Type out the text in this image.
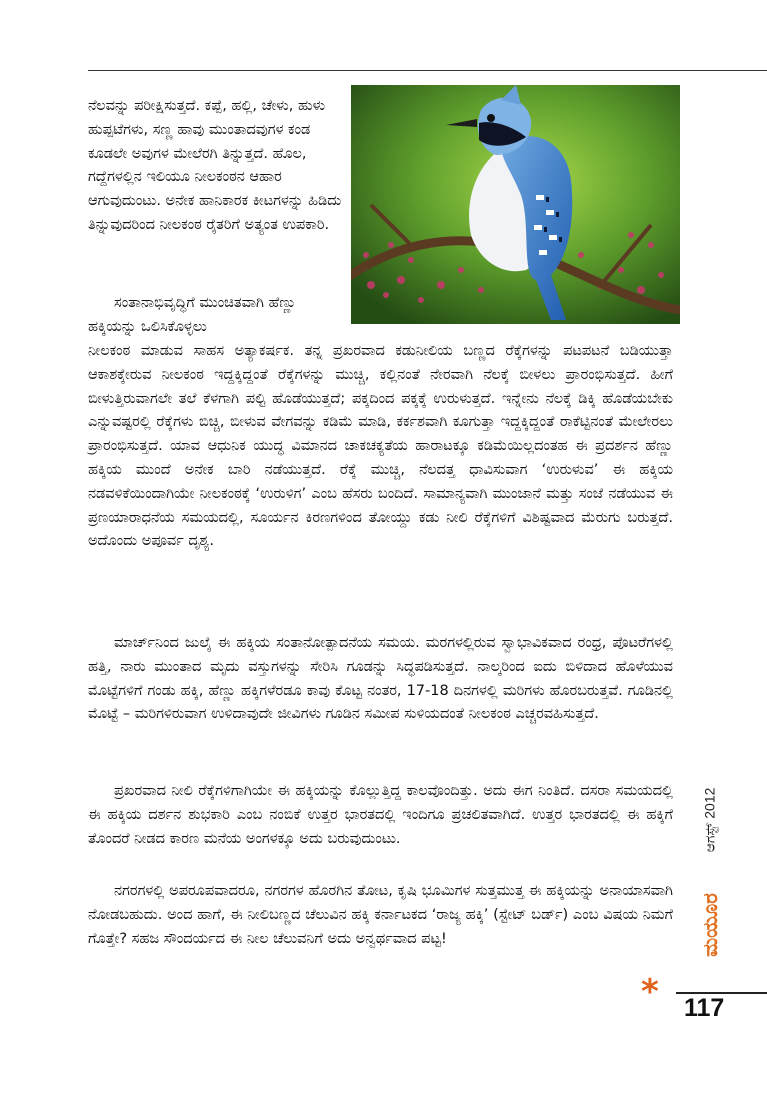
ನೆಲವನ್ನು ಪರೀಕ್ಷಿಸುತ್ತದೆ. ಕಪ್ಪೆ, ಹಲ್ಲಿ, ಚೇಳು, ಹುಳು ಹುಪ್ಪಟೆಗಳು, ಸಣ್ಣ ಹಾವು ಮುಂತಾದವುಗಳ ಕಂಡ ಕೂಡಲೇ ಅವುಗಳ ಮೇಲೆರಗಿ ತಿನ್ನುತ್ತದೆ. ಹೊಲ, ಗದ್ದೆಗಳಲ್ಲಿನ ಇಲಿಯೂ ನೀಲಕಂಠನ ಆಹಾರ ಆಗುವುದುಂಟು. ಅನೇಕ ಹಾನಿಕಾರಕ ಕೀಟಗಳನ್ನು ಹಿಡಿದು ತಿನ್ನುವುದರಿಂದ ನೀಲಕಂಠ ರೈತರಿಗೆ ಅತ್ಯಂತ ಉಪಕಾರಿ.
ಸಂತಾನಾಭಿವೃದ್ಧಿಗೆ ಮುಂಚಿತವಾಗಿ ಹೆಣ್ಣು ಹಕ್ಕಿಯನ್ನು ಒಲಿಸಿಕೊಳ್ಳಲು
ನೀಲಕಂಠ ಮಾಡುವ ಸಾಹಸ ಅತ್ಯಾಕರ್ಷಕ. ತನ್ನ ಪ್ರಖರವಾದ ಕಡುನೀಲಿಯ ಬಣ್ಣದ ರೆಕ್ಕೆಗಳನ್ನು ಪಟಪಟನೆ ಬಡಿಯುತ್ತಾ ಆಕಾಶಕ್ಕೇರುವ ನೀಲಕಂಠ ಇದ್ದಕ್ಕಿದ್ದಂತೆ ರೆಕ್ಕೆಗಳನ್ನು ಮುಚ್ಚಿ, ಕಲ್ಲಿನಂತೆ ನೇರವಾಗಿ ನೆಲಕ್ಕೆ ಬೀಳಲು ಪ್ರಾರಂಭಿಸುತ್ತದೆ. ಹೀಗೆ ಬೀಳುತ್ತಿರುವಾಗಲೇ ತಲೆ ಕೆಳಗಾಗಿ ಪಲ್ಟಿ ಹೊಡೆಯುತ್ತದೆ; ಪಕ್ಕದಿಂದ ಪಕ್ಕಕ್ಕೆ ಉರುಳುತ್ತದೆ. ಇನ್ನೇನು ನೆಲಕ್ಕೆ ಡಿಕ್ಕಿ ಹೊಡೆಯಬೇಕು ಎನ್ನುವಷ್ಟರಲ್ಲಿ ರೆಕ್ಕೆಗಳು ಬಿಚ್ಚಿ, ಬೀಳುವ ವೇಗವನ್ನು ಕಡಿಮೆ ಮಾಡಿ, ಕರ್ಕಶವಾಗಿ ಕೂಗುತ್ತಾ ಇದ್ದಕ್ಕಿದ್ದಂತೆ ರಾಕೆಟ್ಟಿನಂತೆ ಮೇಲೇರಲು ಪ್ರಾರಂಭಿಸುತ್ತದೆ. ಯಾವ ಆಧುನಿಕ ಯುದ್ಧ ವಿಮಾನದ ಚಾಕಚಕ್ಯತೆಯ ಹಾರಾಟಕ್ಕೂ ಕಡಿಮೆಯಿಲ್ಲದಂತಹ ಈ ಪ್ರದರ್ಶನ ಹೆಣ್ಣು ಹಕ್ಕಿಯ ಮುಂದೆ ಅನೇಕ ಬಾರಿ ನಡೆಯುತ್ತದೆ. ರೆಕ್ಕೆ ಮುಚ್ಚಿ, ನೆಲದತ್ತ ಧಾವಿಸುವಾಗ ‘ಉರುಳುವ’ ಈ ಹಕ್ಕಿಯ ನಡವಳಿಕೆಯಿಂದಾಗಿಯೇ ನೀಲಕಂಠಕ್ಕೆ ‘ಉರುಳಿಗ’ ಎಂಬ ಹೆಸರು ಬಂದಿದೆ. ಸಾಮಾನ್ಯವಾಗಿ ಮುಂಜಾನೆ ಮತ್ತು ಸಂಜೆ ನಡೆಯುವ ಈ ಪ್ರಣಯಾರಾಧನೆಯ ಸಮಯದಲ್ಲಿ, ಸೂರ್ಯನ ಕಿರಣಗಳಿಂದ ತೋಯ್ದು ಕಡು ನೀಲಿ ರೆಕ್ಕೆಗಳಿಗೆ ವಿಶಿಷ್ಟವಾದ ಮೆರುಗು ಬರುತ್ತದೆ. ಅದೊಂದು ಅಪೂರ್ವ ದೃಶ್ಯ.
ಮಾರ್ಚ್‌ನಿಂದ ಜುಲೈ ಈ ಹಕ್ಕಿಯ ಸಂತಾನೋತ್ಪಾದನೆಯ ಸಮಯ. ಮರಗಳಲ್ಲಿರುವ ಸ್ವಾಭಾವಿಕವಾದ ರಂಧ್ರ, ಪೊಟರೆಗಳಲ್ಲಿ ಹತ್ತಿ, ನಾರು ಮುಂತಾದ ಮೃದು ವಸ್ತುಗಳನ್ನು ಸೇರಿಸಿ ಗೂಡನ್ನು ಸಿದ್ಧಪಡಿಸುತ್ತದೆ. ನಾಲ್ಕರಿಂದ ಐದು ಬಿಳಿದಾದ ಹೊಳೆಯುವ ಮೊಟ್ಟೆಗಳಿಗೆ ಗಂಡು ಹಕ್ಕಿ, ಹೆಣ್ಣು ಹಕ್ಕಿಗಳೆರಡೂ ಕಾವು ಕೊಟ್ಟ ನಂತರ, 17-18 ದಿನಗಳಲ್ಲಿ ಮರಿಗಳು ಹೊರಬರುತ್ತವೆ. ಗೂಡಿನಲ್ಲಿ ಮೊಟ್ಟೆ – ಮರಿಗಳಿರುವಾಗ ಉಳಿದಾವುದೇ ಜೀವಿಗಳು ಗೂಡಿನ ಸಮೀಪ ಸುಳಿಯದಂತೆ ನೀಲಕಂಠ ಎಚ್ಚರವಹಿಸುತ್ತದೆ.
ಪ್ರಖರವಾದ ನೀಲಿ ರೆಕ್ಕೆಗಳಿಗಾಗಿಯೇ ಈ ಹಕ್ಕಿಯನ್ನು ಕೊಲ್ಲುತ್ತಿದ್ದ ಕಾಲವೊಂದಿತ್ತು. ಅದು ಈಗ ನಿಂತಿದೆ. ದಸರಾ ಸಮಯದಲ್ಲಿ ಈ ಹಕ್ಕಿಯ ದರ್ಶನ ಶುಭಕಾರಿ ಎಂಬ ನಂಬಿಕೆ ಉತ್ತರ ಭಾರತದಲ್ಲಿ ಇಂದಿಗೂ ಪ್ರಚಲಿತವಾಗಿದೆ. ಉತ್ತರ ಭಾರತದಲ್ಲಿ ಈ ಹಕ್ಕಿಗೆ ತೊಂದರೆ ನೀಡದ ಕಾರಣ ಮನೆಯ ಅಂಗಳಕ್ಕೂ ಅದು ಬರುವುದುಂಟು.
ನಗರಗಳಲ್ಲಿ ಅಪರೂಪವಾದರೂ, ನಗರಗಳ ಹೊರಗಿನ ತೋಟ, ಕೃಷಿ ಭೂಮಿಗಳ ಸುತ್ತಮುತ್ತ ಈ ಹಕ್ಕಿಯನ್ನು ಅನಾಯಾಸವಾಗಿ ನೋಡಬಹುದು. ಅಂದ ಹಾಗೆ, ಈ ನೀಲಿಬಣ್ಣದ ಚೆಲುವಿನ ಹಕ್ಕಿ ಕರ್ನಾಟಕದ ‘ರಾಜ್ಯ ಹಕ್ಕಿ’ (ಸ್ಟೇಟ್ ಬರ್ಡ್) ಎಂಬ ವಿಷಯ ನಿಮಗೆ ಗೊತ್ತೇ? ಸಹಜ ಸೌಂದರ್ಯದ ಈ ನೀಲ ಚೆಲುವನಿಗೆ ಅದು ಅನ್ವರ್ಥವಾದ ಪಟ್ಟ!
ಆಗಸ್ಟ್ 2012
ಮಯೂರ
* 117
